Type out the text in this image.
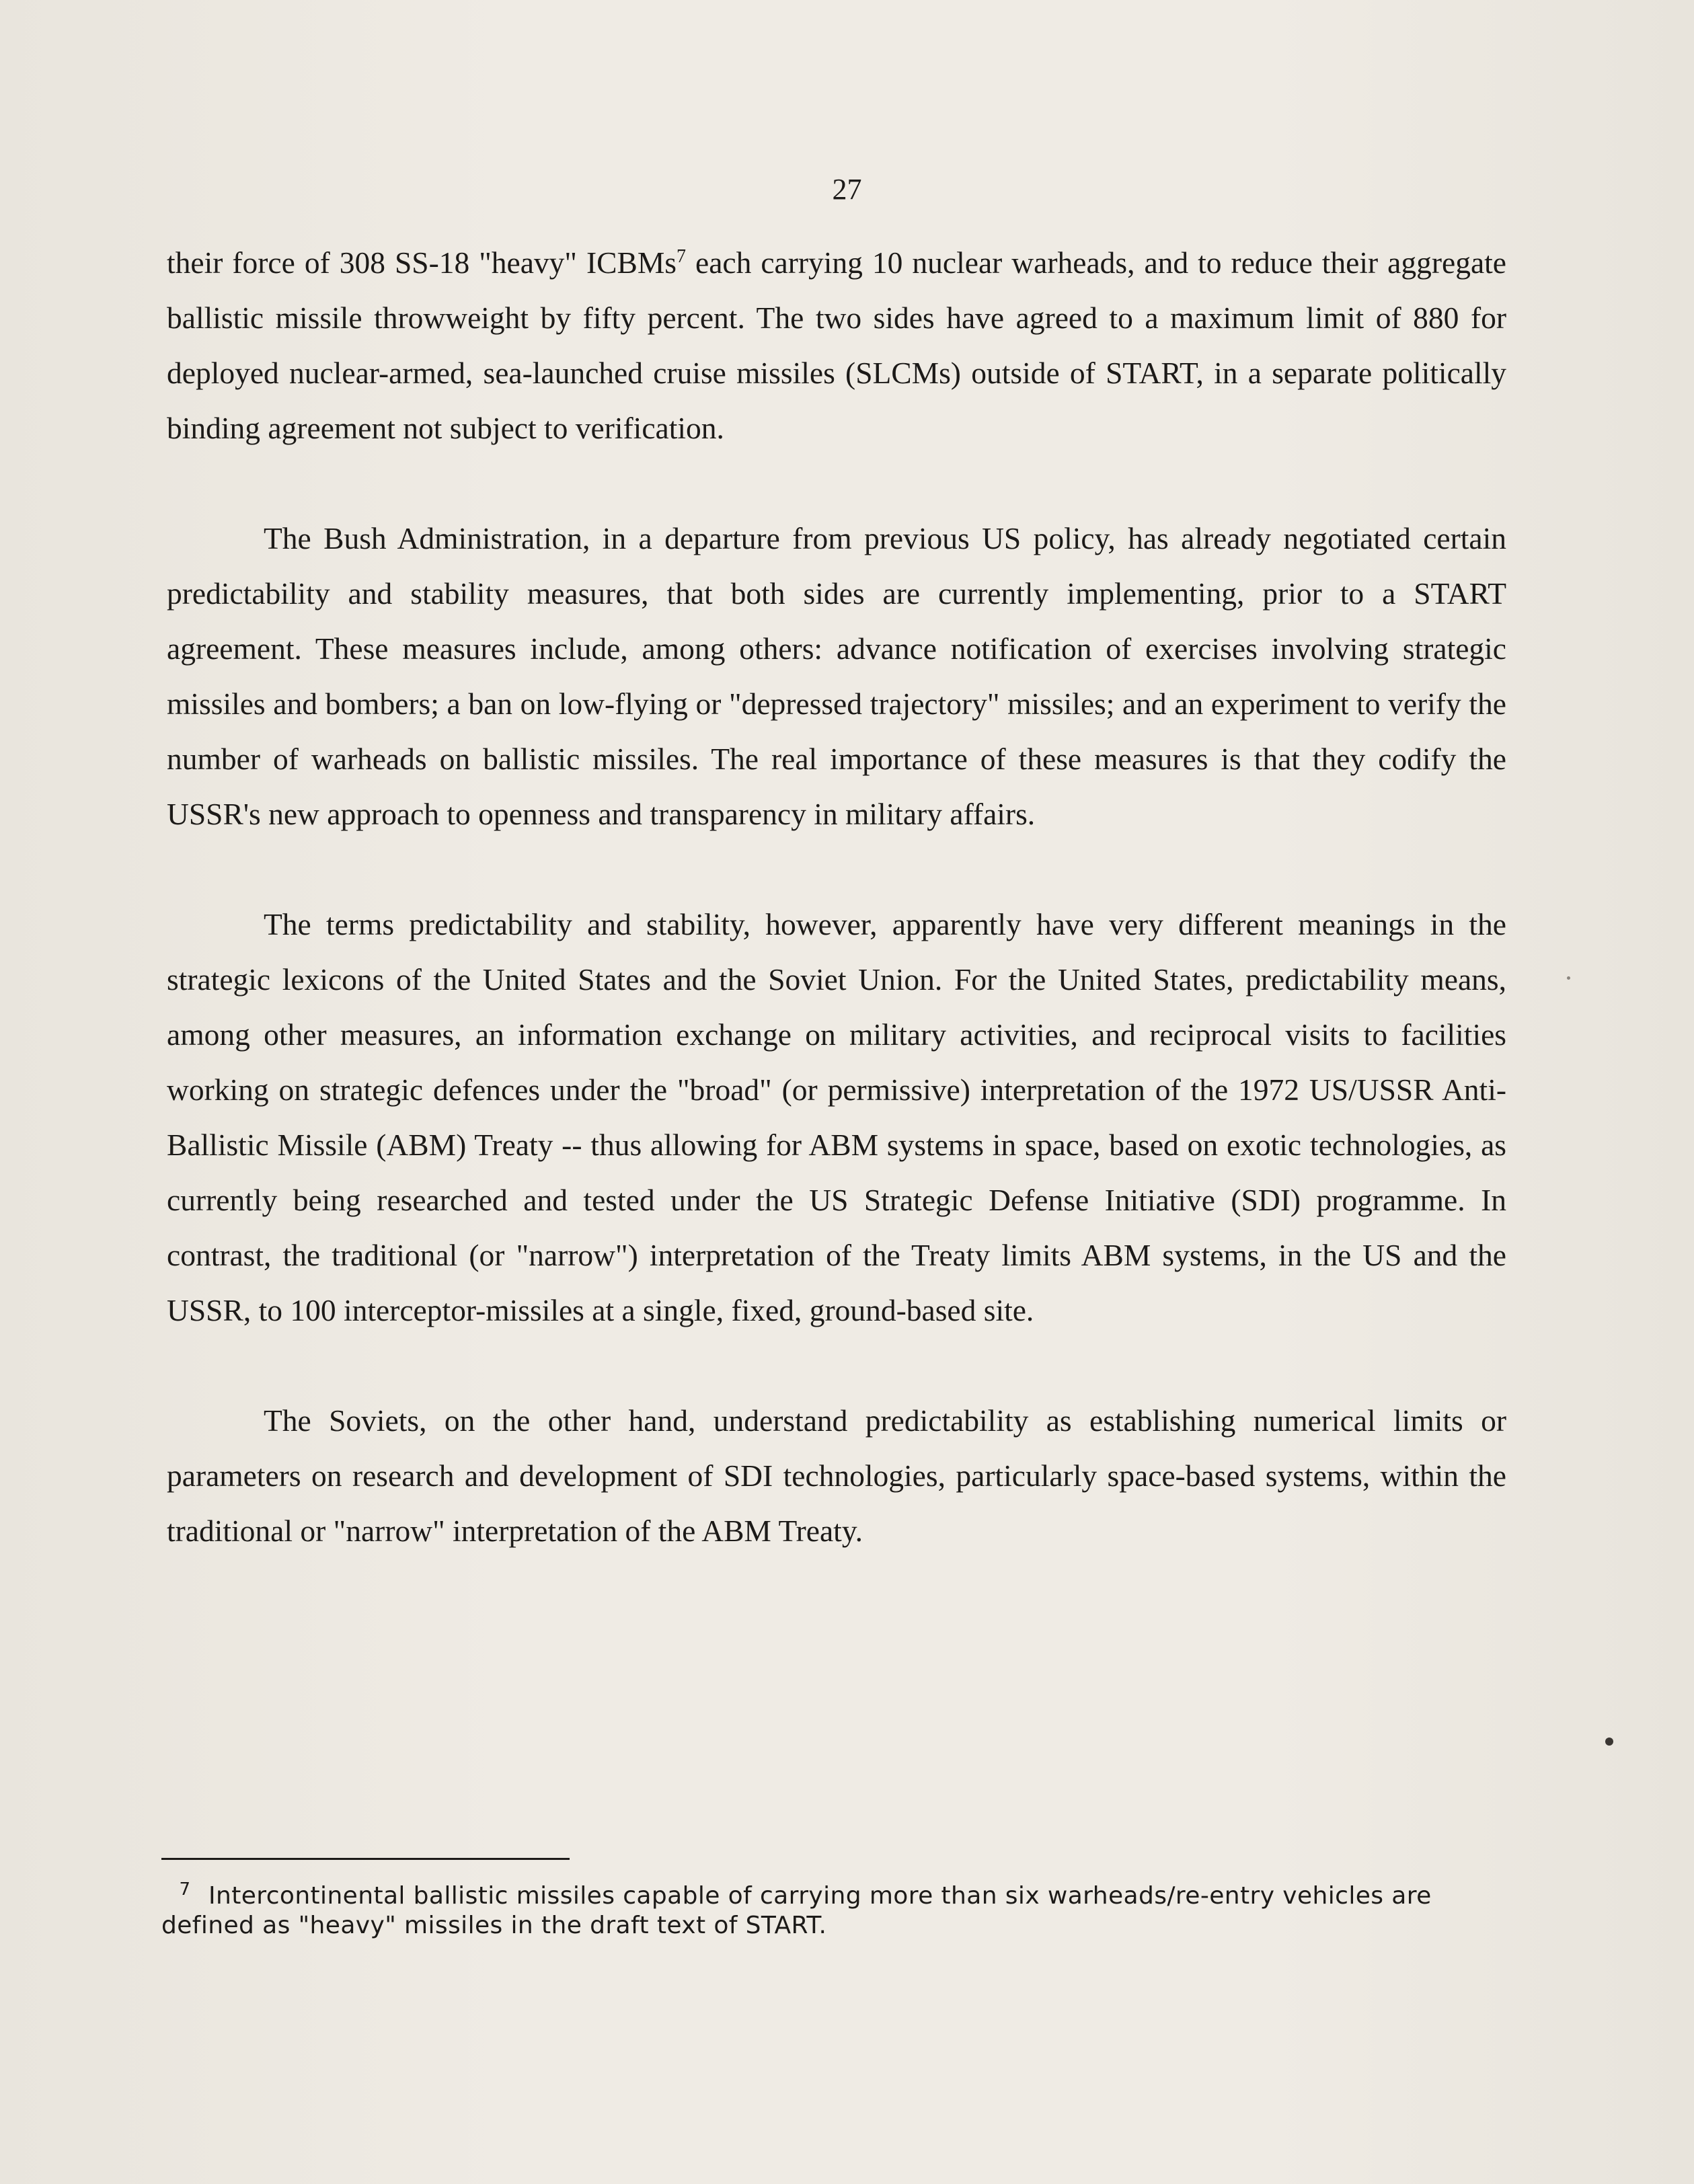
27

their force of 308 SS-18 "heavy" ICBMs$^7$ each carrying 10 nuclear warheads, and to reduce their aggregate ballistic missile throwweight by fifty percent. The two sides have agreed to a maximum limit of 880 for deployed nuclear-armed, sea-launched cruise missiles (SLCMs) outside of START, in a separate politically binding agreement not subject to verification.

The Bush Administration, in a departure from previous US policy, has already negotiated certain predictability and stability measures, that both sides are currently implementing, prior to a START agreement. These measures include, among others: advance notification of exercises involving strategic missiles and bombers; a ban on low-flying or "depressed trajectory" missiles; and an experiment to verify the number of warheads on ballistic missiles. The real importance of these measures is that they codify the USSR's new approach to openness and transparency in military affairs.

The terms predictability and stability, however, apparently have very different meanings in the strategic lexicons of the United States and the Soviet Union. For the United States, predictability means, among other measures, an information exchange on military activities, and reciprocal visits to facilities working on strategic defences under the "broad" (or permissive) interpretation of the 1972 US/USSR Anti-Ballistic Missile (ABM) Treaty -- thus allowing for ABM systems in space, based on exotic technologies, as currently being researched and tested under the US Strategic Defense Initiative (SDI) programme. In contrast, the traditional (or "narrow") interpretation of the Treaty limits ABM systems, in the US and the USSR, to 100 interceptor-missiles at a single, fixed, ground-based site.

The Soviets, on the other hand, understand predictability as establishing numerical limits or parameters on research and development of SDI technologies, particularly space-based systems, within the traditional or "narrow" interpretation of the ABM Treaty.

7 Intercontinental ballistic missiles capable of carrying more than six warheads/re-entry vehicles are defined as "heavy" missiles in the draft text of START.
